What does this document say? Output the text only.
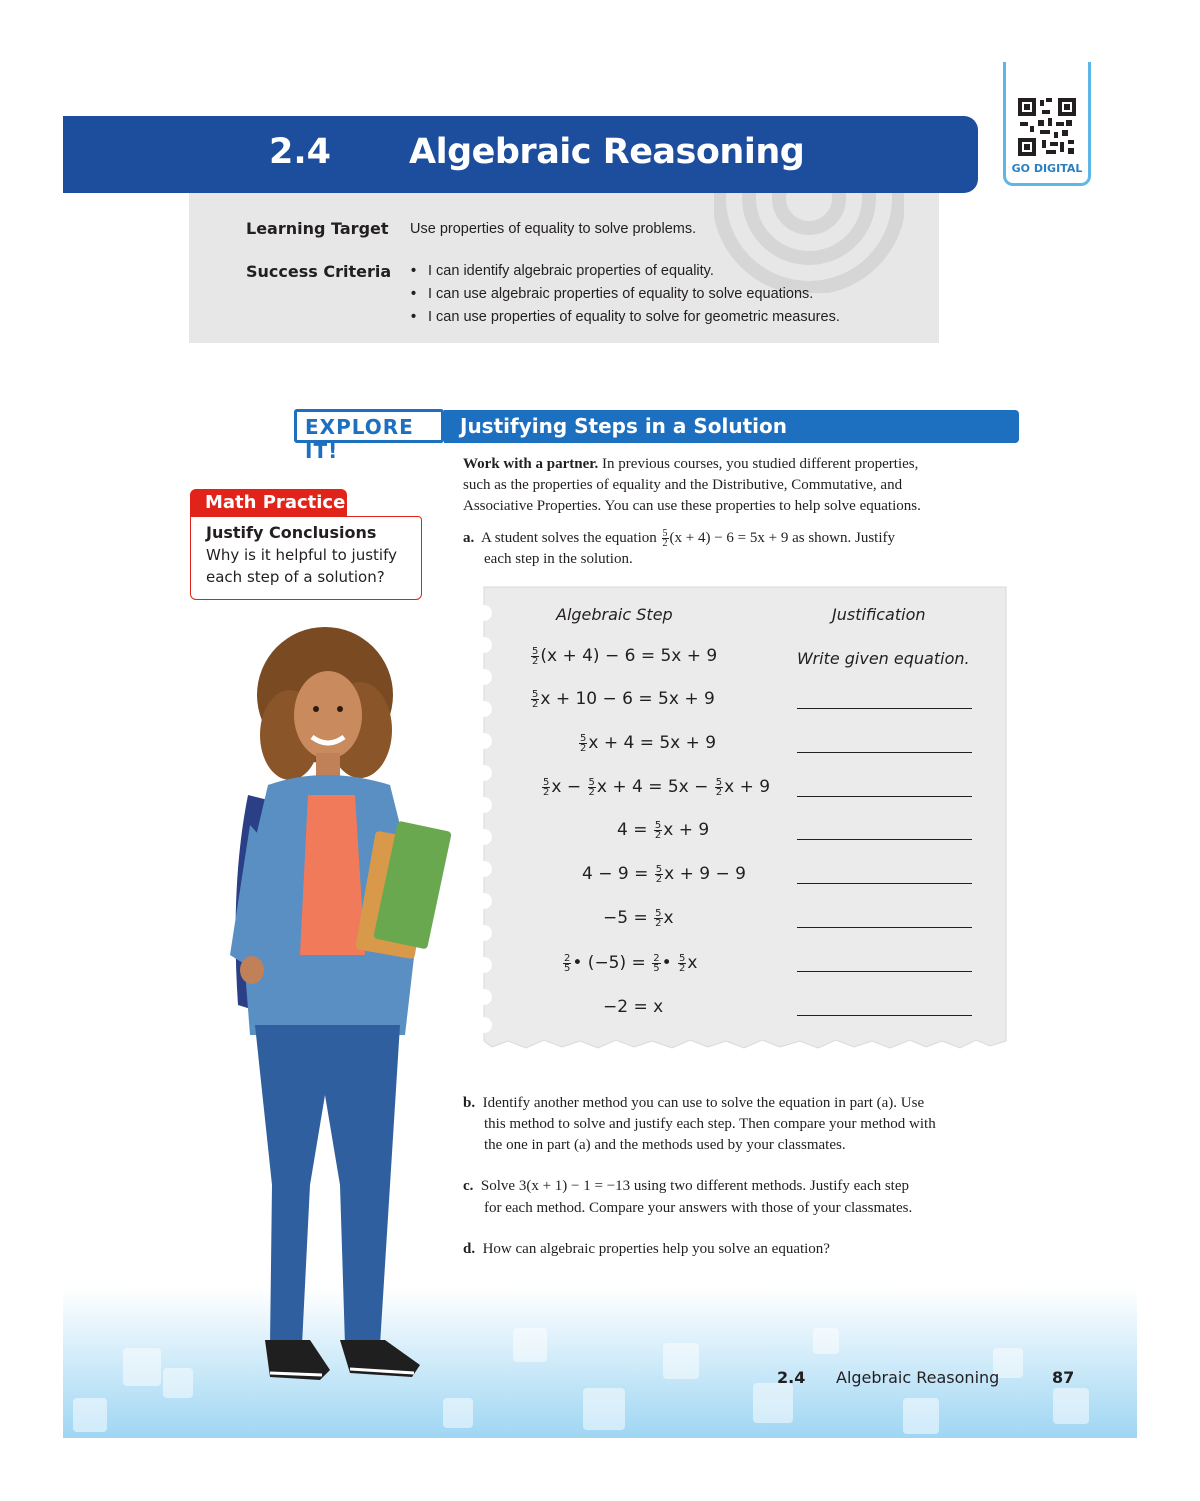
2.4 Algebraic Reasoning	GO DIGITAL
Learning Target Use properties of equality to solve problems.
Success Criteria
•	I can identify algebraic properties of equality.
• I can use algebraic properties of equality to solve equations.
• I can use properties of equality to solve for geometric measures.
EXPLORE IT!
Justifying Steps in a Solution
Math Practice
Justify Conclusions
Why is it helpful to justify
each step of a solution?
Work with a partner. In previous courses, you studied different properties,
such as the properties of equality and the Distributive, Commutative, and
Associative Properties. You can use these properties to help solve equations.
a. A student solves the equation $\frac{5}{2} (x + 4) - 6 = 5x + 9$ as shown. Justify
each step in the solution.
Algebraic Step	Justification
$\frac{5}{2} (x + 4) - 6 = 5x + 9$	Write given equation.
$\frac{5}{2}$ x + 10 − 6 = 5x + 9
$\frac{5}{2}$ x + 4 = 5x + 9
$\frac{5}{2}$ $x - \frac{5}{2}$ $x + 4 = 5x - \frac{5}{2}$ x + 9
$4 = \frac{5}{2}$ x + 9
$4 - 9 = \frac{5}{2}$ x + 9 − 9
$-5 = \frac{5}{2}$ x
$\frac{2}{5}$ • $(-5) = \frac{2}{5}$ • $\frac{5}{2}$ x
−2 = x
b. Identify another method you can use to solve the equation in part (a). Use
this method to solve and justify each step. Then compare your method with
the one in part (a) and the methods used by your classmates.
c. Solve 3(x + 1) − 1 = −13 using two different methods. Justify each step
for each method. Compare your answers with those of your classmates.
d. How can algebraic properties help you solve an equation?
2.4 Algebraic Reasoning	87
